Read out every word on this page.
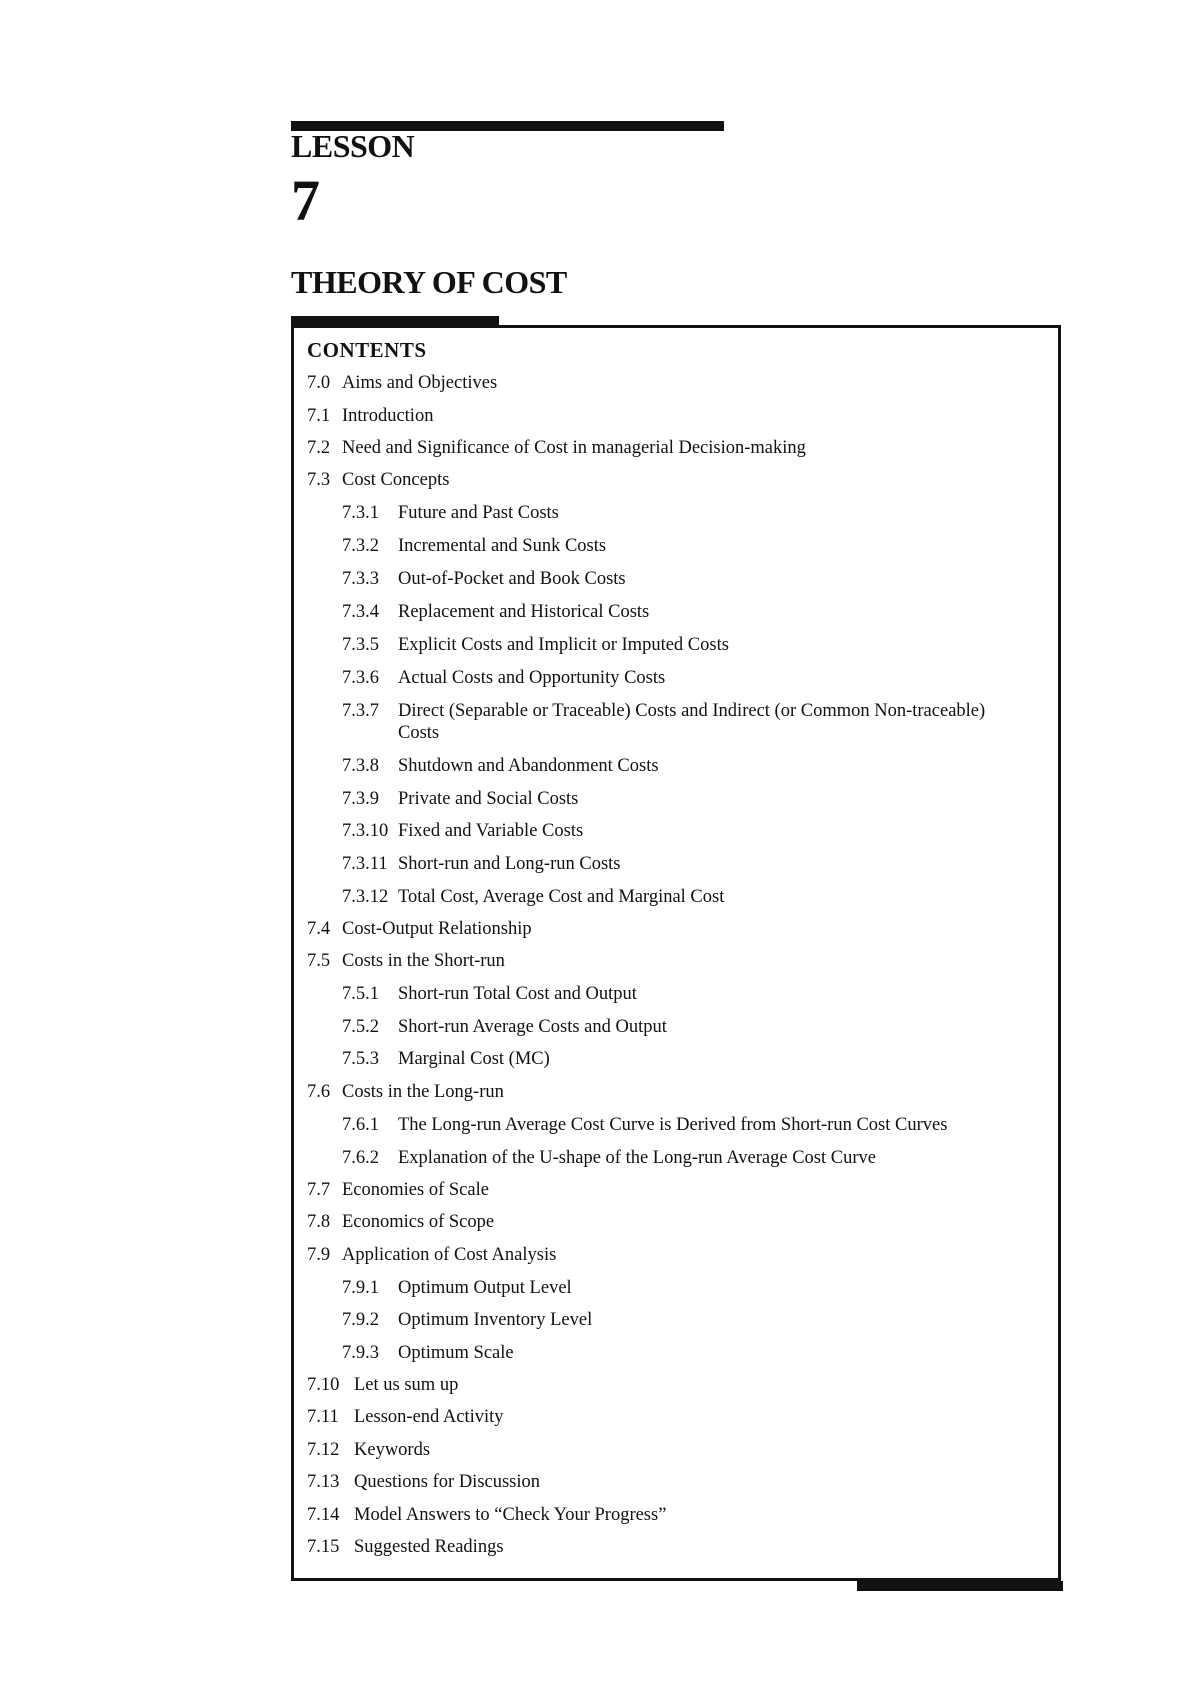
LESSON
7
THEORY OF COST
CONTENTS
7.0 Aims and Objectives
7.1 Introduction
7.2 Need and Significance of Cost in managerial Decision-making
7.3 Cost Concepts
7.3.1 Future and Past Costs
7.3.2 Incremental and Sunk Costs
7.3.3 Out-of-Pocket and Book Costs
7.3.4 Replacement and Historical Costs
7.3.5 Explicit Costs and Implicit or Imputed Costs
7.3.6 Actual Costs and Opportunity Costs
7.3.7 Direct (Separable or Traceable) Costs and Indirect (or Common Non-traceable) Costs
7.3.8 Shutdown and Abandonment Costs
7.3.9 Private and Social Costs
7.3.10 Fixed and Variable Costs
7.3.11 Short-run and Long-run Costs
7.3.12 Total Cost, Average Cost and Marginal Cost
7.4 Cost-Output Relationship
7.5 Costs in the Short-run
7.5.1 Short-run Total Cost and Output
7.5.2 Short-run Average Costs and Output
7.5.3 Marginal Cost (MC)
7.6 Costs in the Long-run
7.6.1 The Long-run Average Cost Curve is Derived from Short-run Cost Curves
7.6.2 Explanation of the U-shape of the Long-run Average Cost Curve
7.7 Economies of Scale
7.8 Economics of Scope
7.9 Application of Cost Analysis
7.9.1 Optimum Output Level
7.9.2 Optimum Inventory Level
7.9.3 Optimum Scale
7.10 Let us sum up
7.11 Lesson-end Activity
7.12 Keywords
7.13 Questions for Discussion
7.14 Model Answers to “Check Your Progress”
7.15 Suggested Readings
